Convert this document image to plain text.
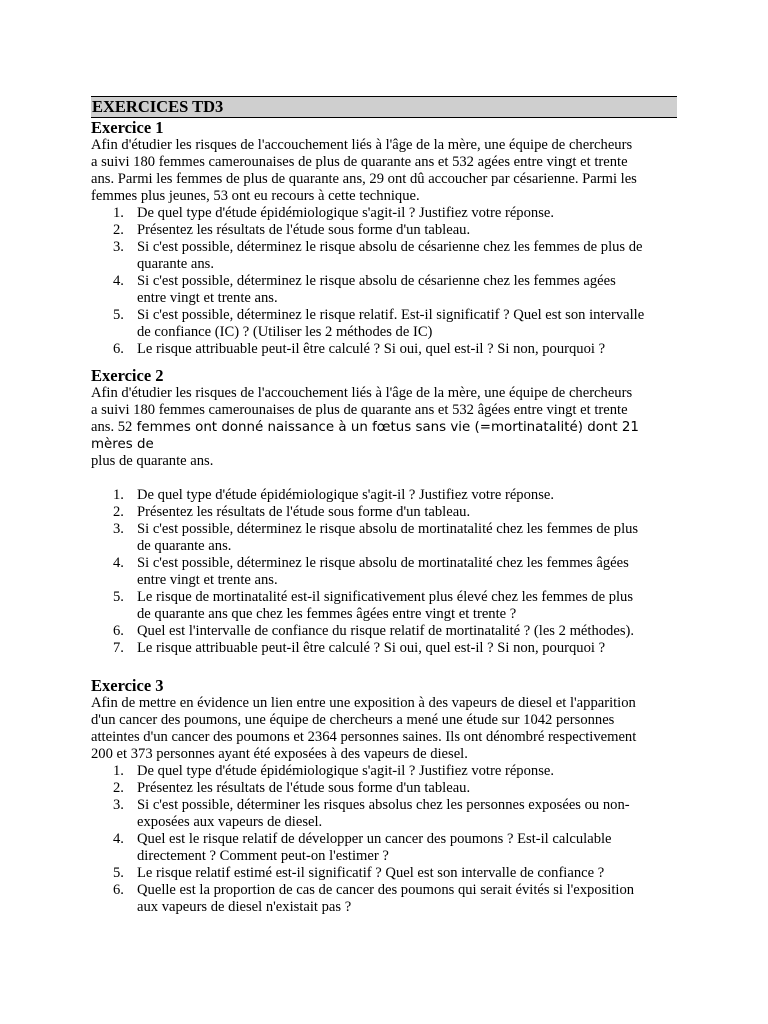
EXERCICES TD3
Exercice 1

Afin d'étudier les risques de l'accouchement liés à l'âge de la mère, une équipe de chercheurs
a suivi 180 femmes camerounaises de plus de quarante ans et 532 agées entre vingt et trente
ans. Parmi les femmes de plus de quarante ans, 29 ont dû accoucher par césarienne. Parmi les
femmes plus jeunes, 53 ont eu recours à cette technique.

1. De quel type d'étude épidémiologique s'agit-il ? Justifiez votre réponse.
2. Présentez les résultats de l'étude sous forme d'un tableau.
3. Si c'est possible, déterminez le risque absolu de césarienne chez les femmes de plus de
quarante ans.
4. Si c'est possible, déterminez le risque absolu de césarienne chez les femmes agées
entre vingt et trente ans.
5. Si c'est possible, déterminez le risque relatif. Est-il significatif ? Quel est son intervalle
de confiance (IC) ? (Utiliser les 2 méthodes de IC)
6. Le risque attribuable peut-il être calculé ? Si oui, quel est-il ? Si non, pourquoi ?
Exercice 2

Afin d'étudier les risques de l'accouchement liés à l'âge de la mère, une équipe de chercheurs
a suivi 180 femmes camerounaises de plus de quarante ans et 532 âgées entre vingt et trente
ans. 52 femmes ont donné naissance à un fœtus sans vie (=mortinatalité) dont 21 mères de
plus de quarante ans.

1. De quel type d'étude épidémiologique s'agit-il ? Justifiez votre réponse.
2. Présentez les résultats de l'étude sous forme d'un tableau.
3. Si c'est possible, déterminez le risque absolu de mortinatalité chez les femmes de plus
de quarante ans.
4. Si c'est possible, déterminez le risque absolu de mortinatalité chez les femmes âgées
entre vingt et trente ans.
5. Le risque de mortinatalité est-il significativement plus élevé chez les femmes de plus
de quarante ans que chez les femmes âgées entre vingt et trente ?
6. Quel est l'intervalle de confiance du risque relatif de mortinatalité ? (les 2 méthodes).
7. Le risque attribuable peut-il être calculé ? Si oui, quel est-il ? Si non, pourquoi ?
Exercice 3

Afin de mettre en évidence un lien entre une exposition à des vapeurs de diesel et l'apparition
d'un cancer des poumons, une équipe de chercheurs a mené une étude sur 1042 personnes
atteintes d'un cancer des poumons et 2364 personnes saines. Ils ont dénombré respectivement
200 et 373 personnes ayant été exposées à des vapeurs de diesel.

1. De quel type d'étude épidémiologique s'agit-il ? Justifiez votre réponse.
2. Présentez les résultats de l'étude sous forme d'un tableau.
3. Si c'est possible, déterminer les risques absolus chez les personnes exposées ou non-
exposées aux vapeurs de diesel.
4. Quel est le risque relatif de développer un cancer des poumons ? Est-il calculable
directement ? Comment peut-on l'estimer ?
5. Le risque relatif estimé est-il significatif ? Quel est son intervalle de confiance ?
6. Quelle est la proportion de cas de cancer des poumons qui serait évités si l'exposition
aux vapeurs de diesel n'existait pas ?
